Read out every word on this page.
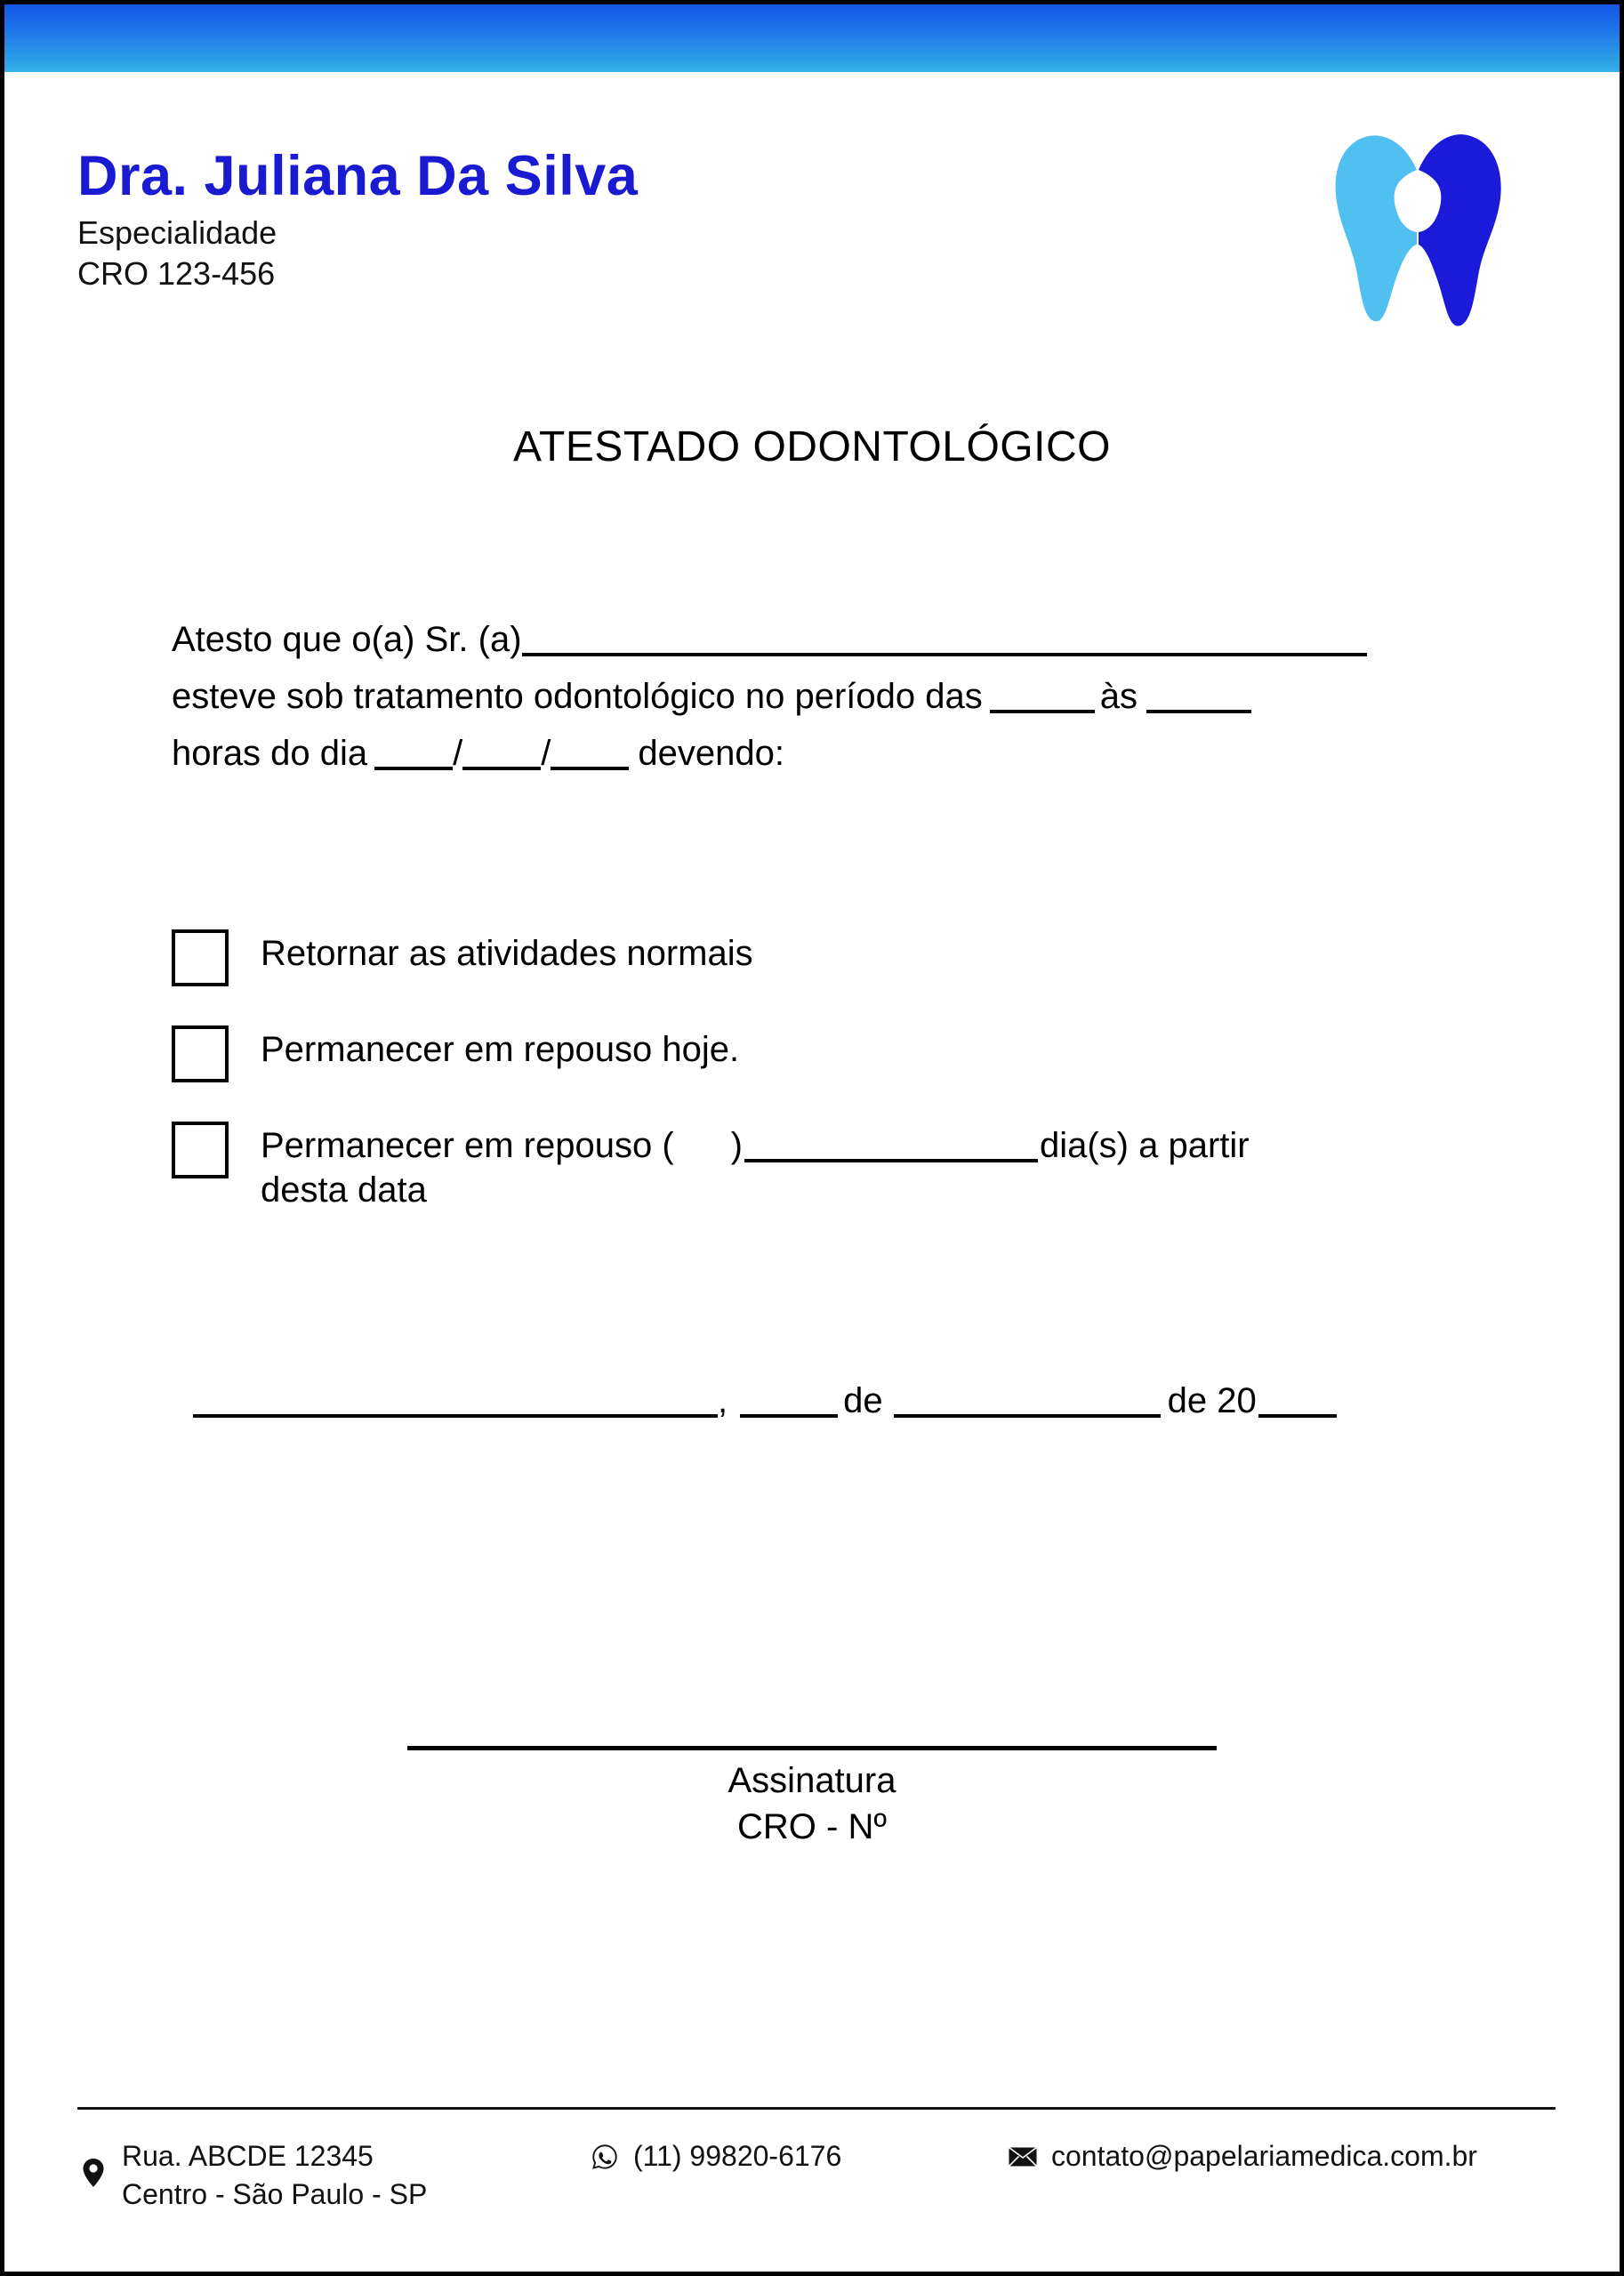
Dra. Juliana Da Silva
Especialidade
CRO 123-456
ATESTADO ODONTOLÓGICO
Atesto que o(a) Sr. (a)
esteve sob tratamento odontológico no período das	às
horas do dia / / devendo:
Retornar as atividades normais
Permanecer em repouso hoje.
Permanecer em repouso ( )	dia(s) a partir
desta data
,	de	de 20
Assinatura
CRO - Nº
Rua. ABCDE 12345
Centro - São Paulo - SP
(11) 99820-6176	contato@papelariamedica.com.br
